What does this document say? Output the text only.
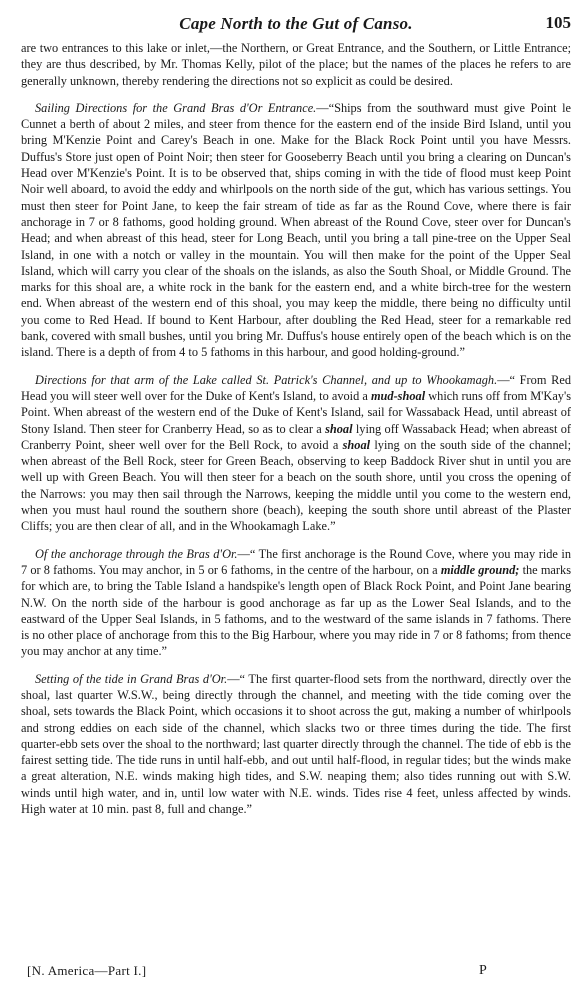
Cape North to the Gut of Canso.	105

are two entrances to this lake or inlet,—the Northern, or Great Entrance, and the Southern, or Little Entrance; they are thus described, by Mr. Thomas Kelly, pilot of the place; but the names of the places he refers to are generally unknown, thereby rendering the directions not so explicit as could be desired.

Sailing Directions for the Grand Bras d'Or Entrance.—“Ships from the southward must give Point le Cunnet a berth of about 2 miles, and steer from thence for the eastern end of the inside Bird Island, until you bring M'Kenzie Point and Carey's Beach in one. Make for the Black Rock Point until you have Messrs. Duffus's Store just open of Point Noir; then steer for Gooseberry Beach until you bring a clearing on Duncan's Head over M'Kenzie's Point. It is to be observed that, ships coming in with the tide of flood must keep Point Noir well aboard, to avoid the eddy and whirlpools on the north side of the gut, which has various settings. You must then steer for Point Jane, to keep the fair stream of tide as far as the Round Cove, where there is fair anchorage in 7 or 8 fathoms, good holding ground. When abreast of the Round Cove, steer over for Duncan's Head; and when abreast of this head, steer for Long Beach, until you bring a tall pine-tree on the Upper Seal Island, in one with a notch or valley in the mountain. You will then make for the point of the Upper Seal Island, which will carry you clear of the shoals on the islands, as also the South Shoal, or Middle Ground. The marks for this shoal are, a white rock in the bank for the eastern end, and a white birch-tree for the western end. When abreast of the western end of this shoal, you may keep the middle, there being no difficulty until you come to Red Head. If bound to Kent Harbour, after doubling the Red Head, steer for a remarkable red bank, covered with small bushes, until you bring Mr. Duffus's house entirely open of the beach which is on the island. There is a depth of from 4 to 5 fathoms in this harbour, and good holding-ground.”

Directions for that arm of the Lake called St. Patrick's Channel, and up to Whookamagh.—“ From Red Head you will steer well over for the Duke of Kent's Island, to avoid a mud-shoal which runs off from M'Kay's Point. When abreast of the western end of the Duke of Kent's Island, sail for Wassaback Head, until abreast of Stony Island. Then steer for Cranberry Head, so as to clear a shoal lying off Wassaback Head; when abreast of Cranberry Point, sheer well over for the Bell Rock, to avoid a shoal lying on the south side of the channel; when abreast of the Bell Rock, steer for Green Beach, observing to keep Baddock River shut in until you are well up with Green Beach. You will then steer for a beach on the south shore, until you cross the opening of the Narrows: you may then sail through the Narrows, keeping the middle until you come to the western end, when you must haul round the southern shore (beach), keeping the south shore until abreast of the Plaster Cliffs; you are then clear of all, and in the Whookamagh Lake.”

Of the anchorage through the Bras d'Or.—“ The first anchorage is the Round Cove, where you may ride in 7 or 8 fathoms. You may anchor, in 5 or 6 fathoms, in the centre of the harbour, on a middle ground; the marks for which are, to bring the Table Island a handspike's length open of Black Rock Point, and Point Jane bearing N.W. On the north side of the harbour is good anchorage as far up as the Lower Seal Islands, and to the eastward of the Upper Seal Islands, in 5 fathoms, and to the westward of the same islands in 7 fathoms. There is no other place of anchorage from this to the Big Harbour, where you may ride in 7 or 8 fathoms; from thence you may anchor at any time.”

Setting of the tide in Grand Bras d'Or.—“ The first quarter-flood sets from the northward, directly over the shoal, last quarter W.S.W., being directly through the channel, and meeting with the tide coming over the shoal, sets towards the Black Point, which occasions it to shoot across the gut, making a number of whirlpools and strong eddies on each side of the channel, which slacks two or three times during the tide. The first quarter-ebb sets over the shoal to the northward; last quarter directly through the channel. The tide of ebb is the fairest setting tide. The tide runs in until half-ebb, and out until half-flood, in regular tides; but the winds make a great alteration, N.E. winds making high tides, and S.W. neaping them; also tides running out with S.W. winds until high water, and in, until low water with N.E. winds. Tides rise 4 feet, unless affected by winds. High water at 10 min. past 8, full and change.”

[N. America—Part I.]	P
